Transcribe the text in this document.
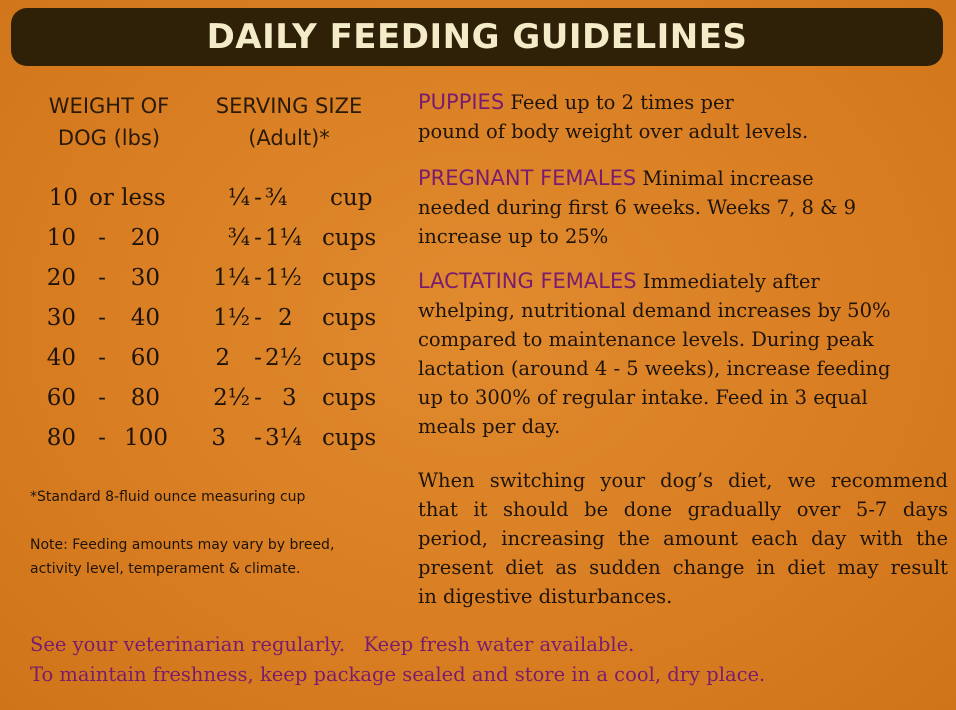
DAILY FEEDING GUIDELINES
WEIGHT OF
DOG (lbs)
SERVING SIZE
(Adult)*
10 or less	¼ - ¾	cup
10 -	20	¾ - 1¼ cups
20 -	30	1¼ - 1½ cups
30 -	40	1½ - 2	cups
40 -	60	2 - 2½ cups
60 -	80	2½ - 3	cups
80 - 100	3 - 3¼ cups
*Standard 8-fluid ounce measuring cup
Note: Feeding amounts may vary by breed,
activity level, temperament & climate.
PUPPIES Feed up to 2 times per
pound of body weight over adult levels.
PREGNANT FEMALES Minimal increase
needed during first 6 weeks. Weeks 7, 8 & 9
increase up to 25%
LACTATING FEMALES Immediately after
whelping, nutritional demand increases by 50%
compared to maintenance levels. During peak
lactation (around 4 - 5 weeks), increase feeding
up to 300% of regular intake. Feed in 3 equal
meals per day.
When switching your dog’s diet, we recommend
that it should be done gradually over 5-7 days
period, increasing the amount each day with the
present diet as sudden change in diet may result
in digestive disturbances.
See your veterinarian regularly.   Keep fresh water available.
To maintain freshness, keep package sealed and store in a cool, dry place.
